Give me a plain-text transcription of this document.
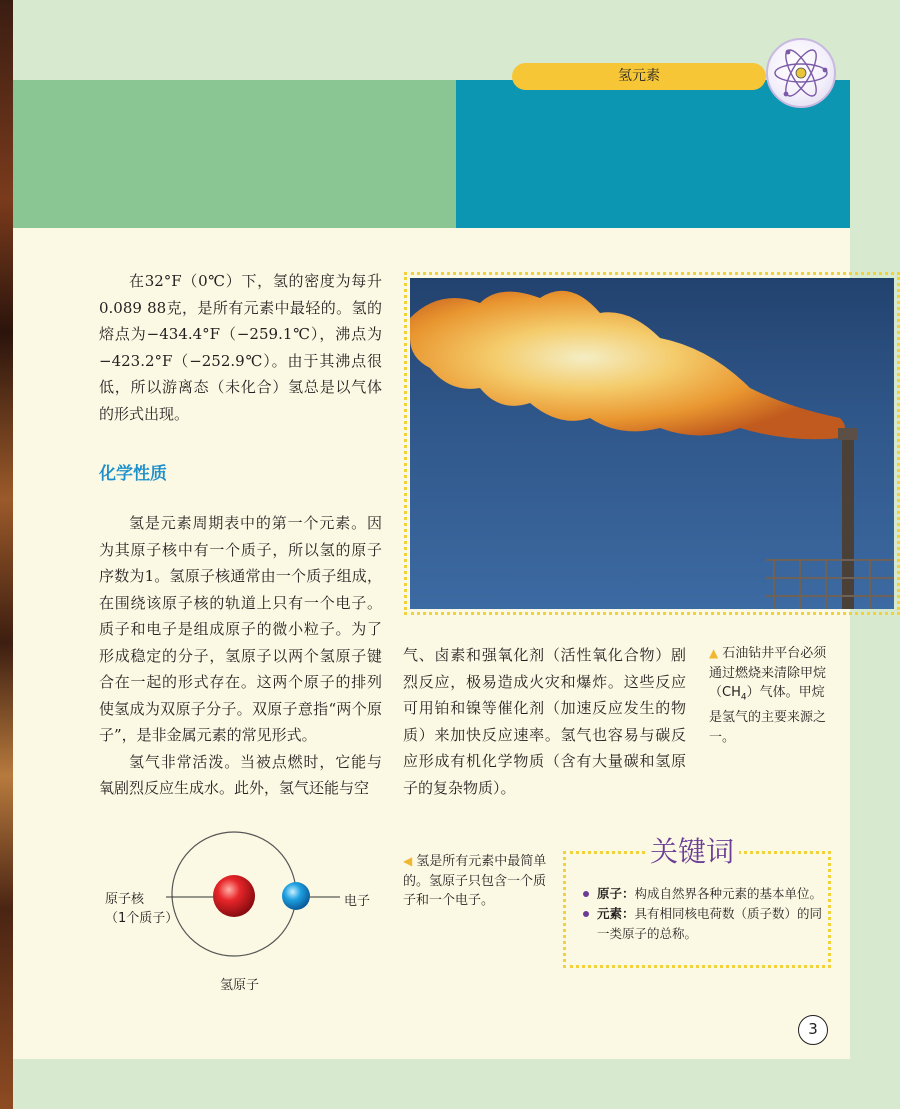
氢元素

在32°F（0℃）下，氢的密度为每升0.089 88克，是所有元素中最轻的。氢的熔点为−434.4°F（−259.1℃），沸点为−423.2°F（−252.9℃）。由于其沸点很低，所以游离态（未化合）氢总是以气体的形式出现。

化学性质

氢是元素周期表中的第一个元素。因为其原子核中有一个质子，所以氢的原子序数为1。氢原子核通常由一个质子组成，在围绕该原子核的轨道上只有一个电子。质子和电子是组成原子的微小粒子。为了形成稳定的分子，氢原子以两个氢原子键合在一起的形式存在。这两个原子的排列使氢成为双原子分子。双原子意指“两个原子”，是非金属元素的常见形式。

氢气非常活泼。当被点燃时，它能与氧剧烈反应生成水。此外，氢气还能与空

气、卤素和强氧化剂（活性氧化合物）剧烈反应，极易造成火灾和爆炸。这些反应可用铂和镍等催化剂（加速反应发生的物质）来加快反应速率。氢气也容易与碳反应形成有机化学物质（含有大量碳和氢原子的复杂物质）。

▲ 石油钻井平台必须通过燃烧来清除甲烷$(CH_4)$气体。甲烷是氢气的主要来源之一。
原子核
（1个质子）
电子
氢原子
◀ 氢是所有元素中最简单的。氢原子只包含一个质子和一个电子。
关键词
原子：构成自然界各种元素的基本单位。
元素：具有相同核电荷数（质子数）的同一类原子的总称。
3
